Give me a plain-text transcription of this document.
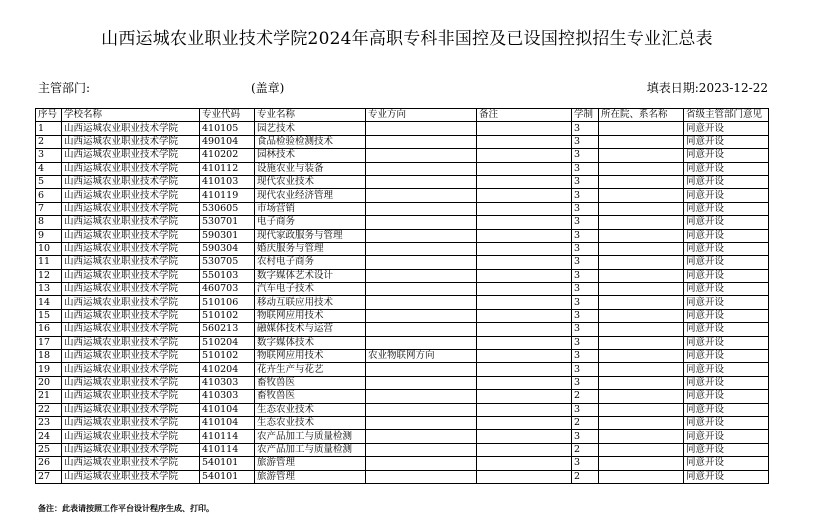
山西运城农业职业技术学院2024年高职专科非国控及已设国控拟招生专业汇总表
主管部门:	(盖章)	填表日期:2023-12-22
序号	学校名称	专业代码	专业名称	专业方向	备注	学制	所在院、系名称	省级主管部门意见
1	山西运城农业职业技术学院	410105	园艺技术			3		同意开设
2	山西运城农业职业技术学院	490104	食品检验检测技术			3		同意开设
3	山西运城农业职业技术学院	410202	园林技术			3		同意开设
4	山西运城农业职业技术学院	410112	设施农业与装备			3		同意开设
5	山西运城农业职业技术学院	410103	现代农业技术			3		同意开设
6	山西运城农业职业技术学院	410119	现代农业经济管理			3		同意开设
7	山西运城农业职业技术学院	530605	市场营销			3		同意开设
8	山西运城农业职业技术学院	530701	电子商务			3		同意开设
9	山西运城农业职业技术学院	590301	现代家政服务与管理			3		同意开设
10	山西运城农业职业技术学院	590304	婚庆服务与管理			3		同意开设
11	山西运城农业职业技术学院	530705	农村电子商务			3		同意开设
12	山西运城农业职业技术学院	550103	数字媒体艺术设计			3		同意开设
13	山西运城农业职业技术学院	460703	汽车电子技术			3		同意开设
14	山西运城农业职业技术学院	510106	移动互联应用技术			3		同意开设
15	山西运城农业职业技术学院	510102	物联网应用技术			3		同意开设
16	山西运城农业职业技术学院	560213	融媒体技术与运营			3		同意开设
17	山西运城农业职业技术学院	510204	数字媒体技术			3		同意开设
18	山西运城农业职业技术学院	510102	物联网应用技术	农业物联网方向		3		同意开设
19	山西运城农业职业技术学院	410204	花卉生产与花艺			3		同意开设
20	山西运城农业职业技术学院	410303	畜牧兽医			3		同意开设
21	山西运城农业职业技术学院	410303	畜牧兽医			2		同意开设
22	山西运城农业职业技术学院	410104	生态农业技术			3		同意开设
23	山西运城农业职业技术学院	410104	生态农业技术			2		同意开设
24	山西运城农业职业技术学院	410114	农产品加工与质量检测			3		同意开设
25	山西运城农业职业技术学院	410114	农产品加工与质量检测			2		同意开设
26	山西运城农业职业技术学院	540101	旅游管理			3		同意开设
27	山西运城农业职业技术学院	540101	旅游管理			2		同意开设
备注：此表请按照工作平台设计程序生成、打印。
